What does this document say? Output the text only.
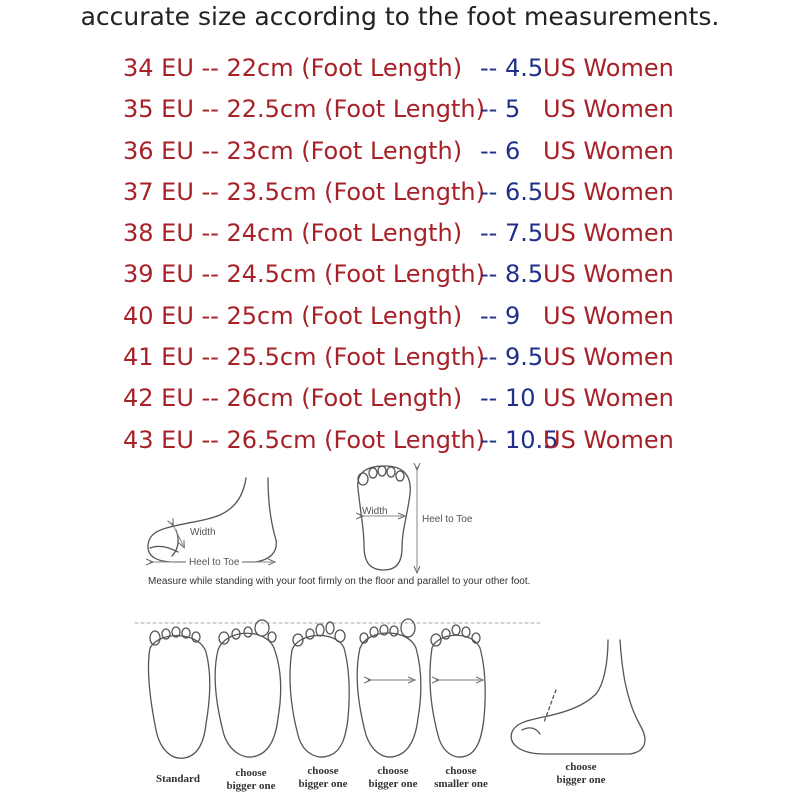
accurate size according to the foot measurements.
34 EU -- 22cm (Foot Length) -- 4.5 US Women
35 EU -- 22.5cm (Foot Length)
-- 5 US Women
36 EU -- 23cm (Foot Length) -- 6 US Women
37 EU -- 23.5cm (Foot Length)
-- 6.5 US Women
38 EU -- 24cm (Foot Length) -- 7.5 US Women
39 EU -- 24.5cm (Foot Length)
-- 8.5 US Women
40 EU -- 25cm (Foot Length) -- 9 US Women
41 EU -- 25.5cm (Foot Length)
-- 9.5 US Women
42 EU -- 26cm (Foot Length) -- 10 US Women
43 EU -- 26.5cm (Foot Length)
-- 10.5
US Women
Width
Heel to Toe
Width
Heel to Toe
Measure while standing with your foot firmly on the floor and parallel to your other foot.
Standard	choose
bigger one
choose
bigger one
choose
bigger one
choose
smaller one
choose
bigger one
